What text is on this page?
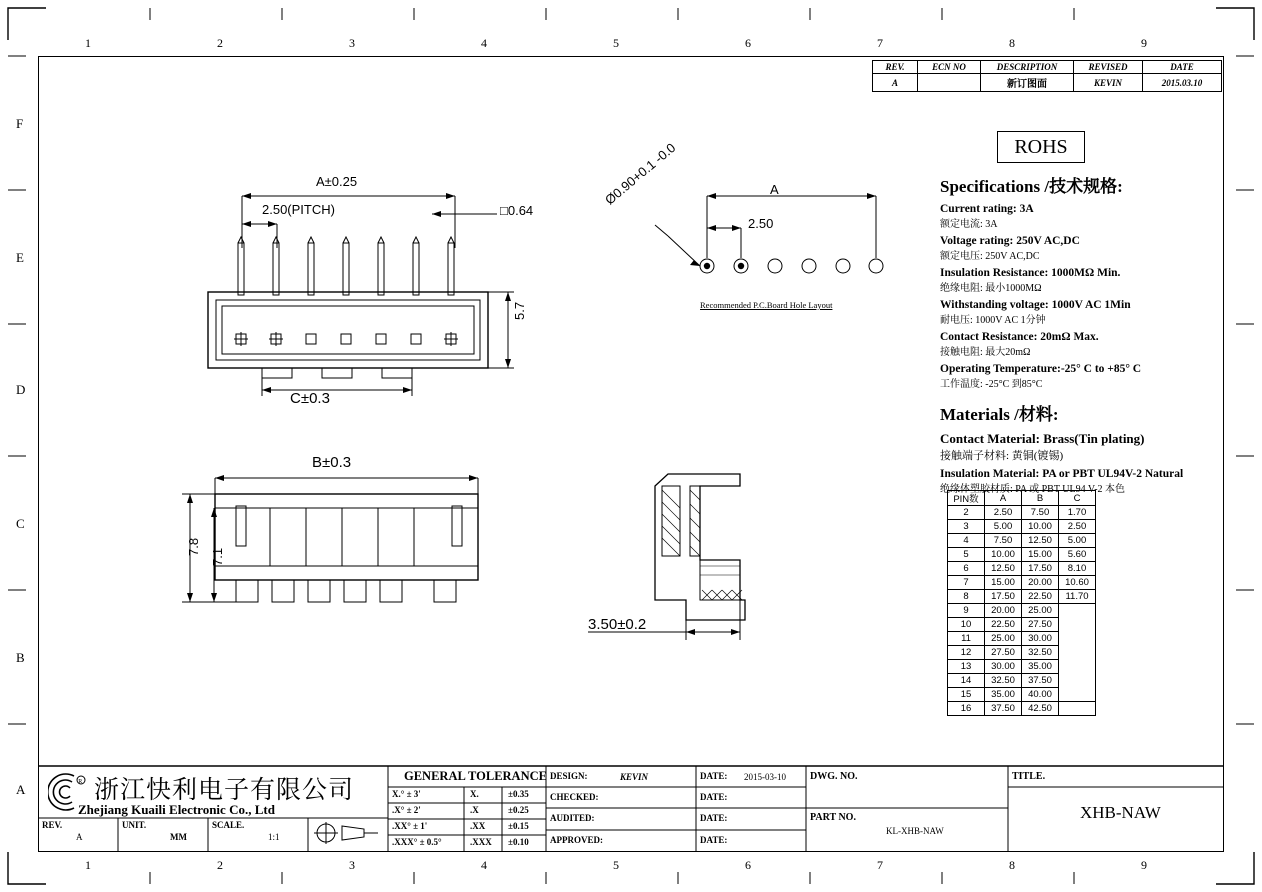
1	2	3	4	5	6	7	8	9
1	2	3	4	5	6	7	8	9
F
E
D
C
B
A
REV.	ECN NO	DESCRIPTION	REVISED	DATE
A		新订图面	KEVIN	2015.03.10
ROHS
Specifications /技术规格:
Current rating: 3A
额定电流: 3A
Voltage rating: 250V AC,DC
额定电压: 250V AC,DC
Insulation Resistance: 1000MΩ Min.
绝缘电阻: 最小1000MΩ
Withstanding voltage: 1000V AC 1Min
耐电压: 1000V AC 1分钟
Contact Resistance: 20mΩ Max.
接触电阻: 最大20mΩ
Operating Temperature:-25° C to +85° C
工作温度: -25°C 到85°C
Materials /材料:
Contact Material: Brass(Tin plating)
接触端子材料: 黄铜(镀锡)
Insulation Material: PA or PBT UL94V-2 Natural
绝缘体塑胶材质: PA 或 PBT UL94 V-2 本色
PIN数	A	B	C
2	2.50	7.50	1.70
3	5.00	10.00	2.50
4	7.50	12.50	5.00
5	10.00	15.00	5.60
6	12.50	17.50	8.10
7	15.00	20.00	10.60
8	17.50	22.50	11.70
9	20.00	25.00	
10	22.50	27.50	
11	25.00	30.00	
12	27.50	32.50	
13	30.00	35.00	
14	32.50	37.50	
15	35.00	40.00	
16	37.50	42.50	
A±0.25
2.50(PITCH)	□0.64
5.7
C±0.3
B±0.3
7.8
7.1
3.50±0.2
A
2.50
Ø0.90+0.1 -0.0
Recommended P.C.Board Hole Layout
R 浙江快利电子有限公司
Zhejiang Kuaili Electronic Co., Ltd
REV.
A
UNIT.
MM
SCALE.
1:1
GENERAL TOLERANCE
X.° ± 3'	X.	±0.35
.X° ± 2'	.X	±0.25
.XX° ± 1'	.XX	±0.15
.XXX° ± 0.5°	.XXX ±0.10
DESIGN:	KEVIN
CHECKED:
AUDITED:
APPROVED:
DATE: 2015-03-10
DATE:
DATE:
DATE:
DWG. NO.
PART NO.
KL-XHB-NAW
TITLE.
XHB-NAW
